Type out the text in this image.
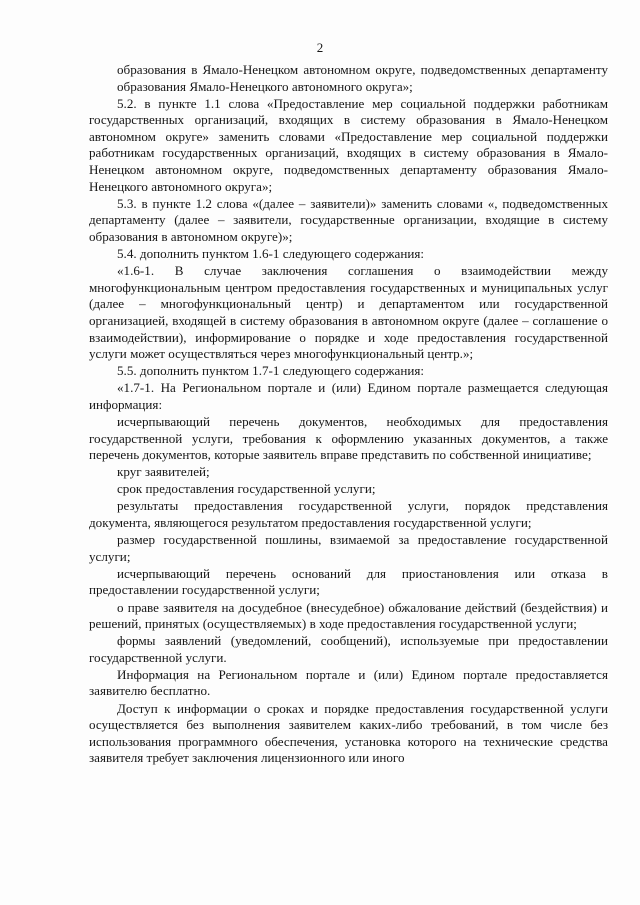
2

образования в Ямало-Ненецком автономном округе, подведомственных департаменту образования Ямало-Ненецкого автономного округа»;

5.2. в пункте 1.1 слова «Предоставление мер социальной поддержки работникам государственных организаций, входящих в систему образования в Ямало-Ненецком автономном округе» заменить словами «Предоставление мер социальной поддержки работникам государственных организаций, входящих в систему образования в Ямало-Ненецком автономном округе, подведомственных департаменту образования Ямало-Ненецкого автономного округа»;

5.3. в пункте 1.2 слова «(далее – заявители)» заменить словами «, подведомственных департаменту (далее – заявители, государственные организации, входящие в систему образования в автономном округе)»;

5.4. дополнить пунктом 1.6-1 следующего содержания:

«1.6-1. В случае заключения соглашения о взаимодействии между многофункциональным центром предоставления государственных и муниципальных услуг (далее – многофункциональный центр) и департаментом или государственной организацией, входящей в систему образования в автономном округе (далее – соглашение о взаимодействии), информирование о порядке и ходе предоставления государственной услуги может осуществляться через многофункциональный центр.»;

5.5. дополнить пунктом 1.7-1 следующего содержания:

«1.7-1. На Региональном портале и (или) Едином портале размещается следующая информация:

исчерпывающий перечень документов, необходимых для предоставления государственной услуги, требования к оформлению указанных документов, а также перечень документов, которые заявитель вправе представить по собственной инициативе;

круг заявителей;

срок предоставления государственной услуги;

результаты предоставления государственной услуги, порядок представления документа, являющегося результатом предоставления государственной услуги;

размер государственной пошлины, взимаемой за предоставление государственной услуги;

исчерпывающий перечень оснований для приостановления или отказа в предоставлении государственной услуги;

о праве заявителя на досудебное (внесудебное) обжалование действий (бездействия) и решений, принятых (осуществляемых) в ходе предоставления государственной услуги;

формы заявлений (уведомлений, сообщений), используемые при предоставлении государственной услуги.

Информация на Региональном портале и (или) Едином портале предоставляется заявителю бесплатно.

Доступ к информации о сроках и порядке предоставления государственной услуги осуществляется без выполнения заявителем каких-либо требований, в том числе без использования программного обеспечения, установка которого на технические средства заявителя требует заключения лицензионного или иного
